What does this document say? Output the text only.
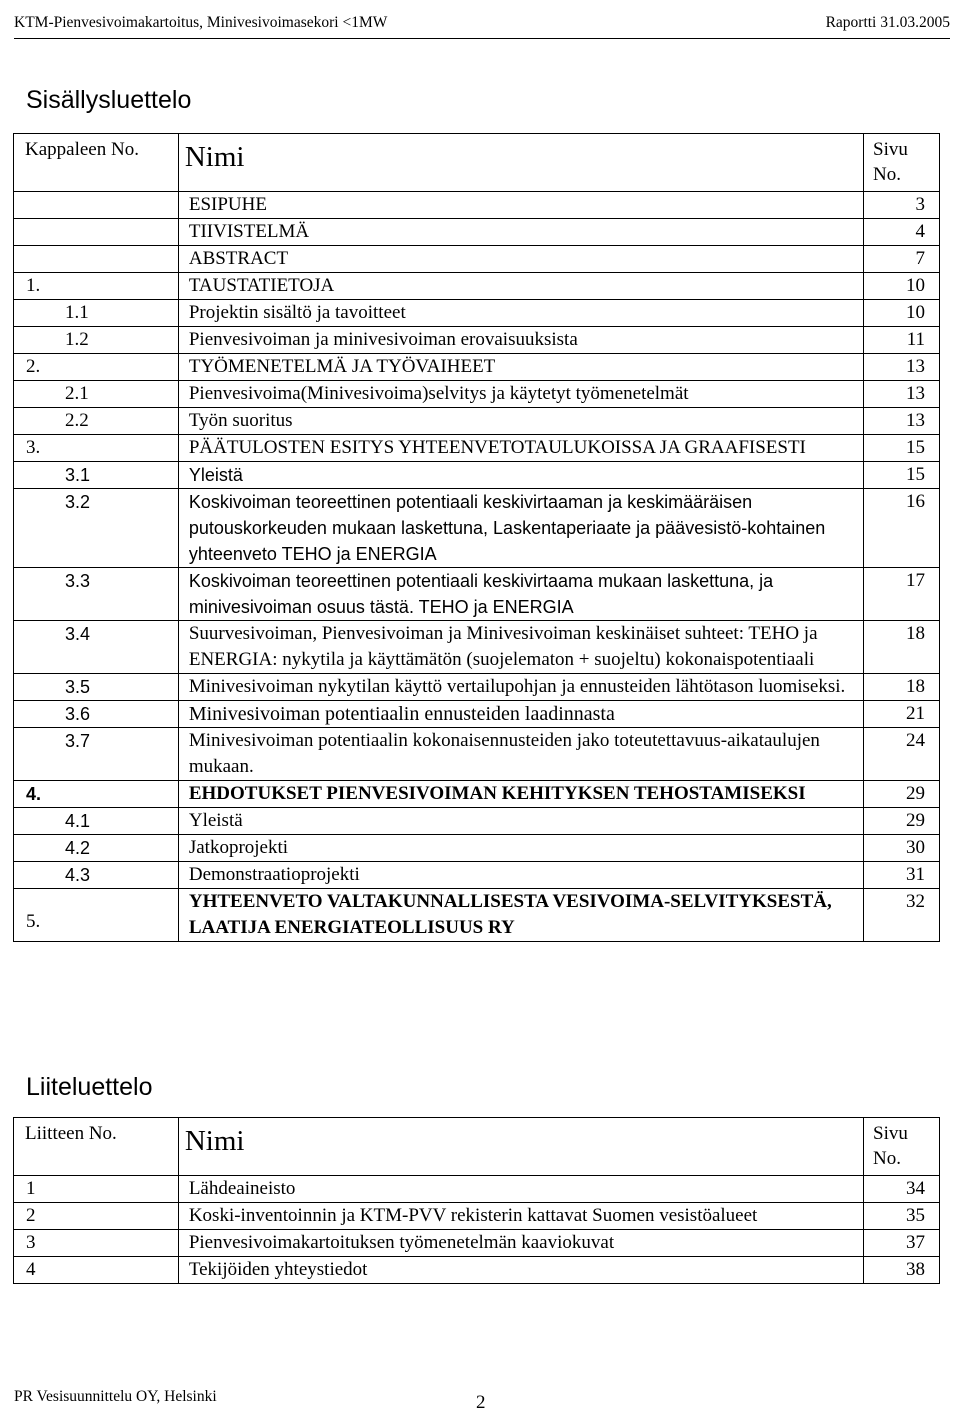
KTM-Pienvesivoimakartoitus, Minivesivoimasekori <1MW	Raportti 31.03.2005
Sisällysluettelo
Kappaleen No.	Nimi	Sivu No.
	ESIPUHE	3
	TIIVISTELMÄ	4
	ABSTRACT	7
1.	TAUSTATIETOJA	10
1.1	Projektin sisältö ja tavoitteet	10
1.2	Pienvesivoiman ja minivesivoiman erovaisuuksista	11
2.	TYÖMENETELMÄ JA TYÖVAIHEET	13
2.1	Pienvesivoima(Minivesivoima)selvitys ja käytetyt työmenetelmät	13
2.2	Työn suoritus	13
3.	PÄÄTULOSTEN ESITYS YHTEENVETOTAULUKOISSA JA GRAAFISESTI	15
3.1	Yleistä	15
3.2	Koskivoiman teoreettinen potentiaali keskivirtaaman ja keskimääräisen putouskorkeuden mukaan laskettuna, Laskentaperiaate ja päävesistö-kohtainen yhteenveto TEHO ja ENERGIA	16
3.3	Koskivoiman teoreettinen potentiaali keskivirtaama mukaan laskettuna, ja minivesivoiman osuus tästä. TEHO ja ENERGIA	17
3.4	Suurvesivoiman, Pienvesivoiman ja Minivesivoiman keskinäiset suhteet: TEHO ja ENERGIA: nykytila ja käyttämätön (suojelematon + suojeltu) kokonaispotentiaali	18
3.5	Minivesivoiman nykytilan käyttö vertailupohjan ja ennusteiden lähtötason luomiseksi.	18
3.6	Minivesivoiman potentiaalin ennusteiden laadinnasta	21
3.7	Minivesivoiman potentiaalin kokonaisennusteiden jako toteutettavuus-aikataulujen mukaan.	24
4.	EHDOTUKSET PIENVESIVOIMAN KEHITYKSEN TEHOSTAMISEKSI	29
4.1	Yleistä	29
4.2	Jatkoprojekti	30
4.3	Demonstraatioprojekti	31
5.	YHTEENVETO VALTAKUNNALLISESTA VESIVOIMA-SELVITYKSESTÄ, LAATIJA ENERGIATEOLLISUUS RY	32
Liiteluettelo
Liitteen No.	Nimi	Sivu No.
1	Lähdeaineisto	34
2	Koski-inventoinnin ja KTM-PVV rekisterin kattavat Suomen vesistöalueet	35
3	Pienvesivoimakartoituksen työmenetelmän kaaviokuvat	37
4	Tekijöiden yhteystiedot	38
PR Vesisuunnittelu OY, Helsinki	2
